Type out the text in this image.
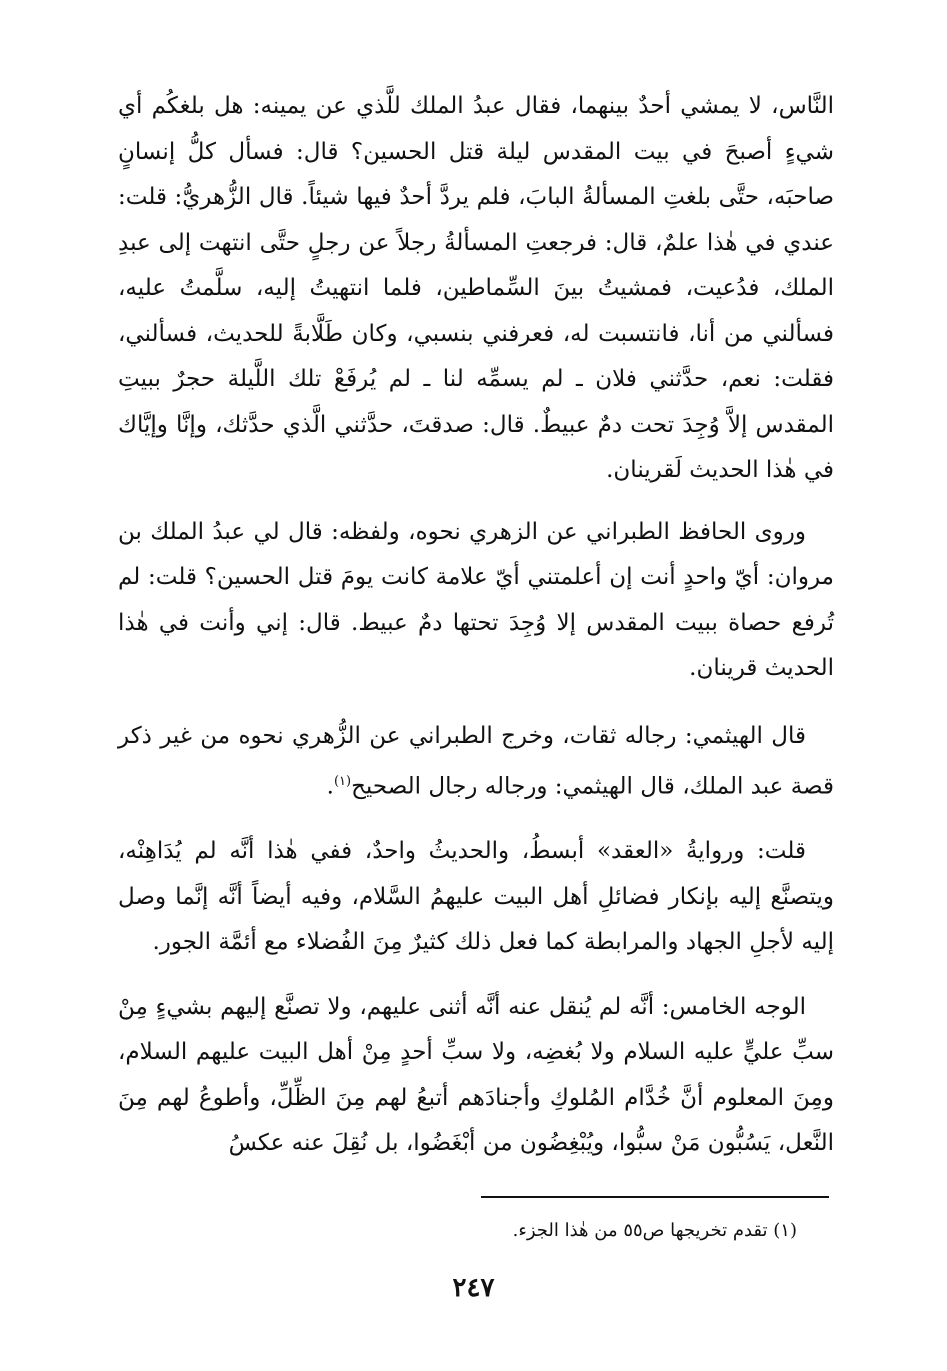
النَّاس، لا يمشي أحدٌ بينهما، فقال عبدُ الملك للَّذي عن يمينه: هل بلغكُم أي شيءٍ أصبحَ في بيت المقدس ليلة قتل الحسين؟ قال: فسأل كلُّ إنسانٍ صاحبَه، حتَّى بلغتِ المسألةُ البابَ، فلم يردَّ أحدٌ فيها شيئاً. قال الزُّهريُّ: قلت: عندي في هٰذا علمٌ، قال: فرجعتِ المسألةُ رجلاً عن رجلٍ حتَّى انتهت إلى عبدِ الملك، فدُعيت، فمشيتُ بينَ السِّماطين، فلما انتهيتُ إليه، سلَّمتُ عليه، فسألني من أنا، فانتسبت له، فعرفني بنسبي، وكان طَلَّابةً للحديث، فسألني، فقلت: نعم، حدَّثني فلان ـ لم يسمِّه لنا ـ لم يُرفَعْ تلك اللَّيلة حجرٌ ببيتِ المقدس إلاَّ وُجِدَ تحت دمٌ عبيطٌ. قال: صدقتَ، حدَّثني الَّذي حدَّثك، وإنَّا وإيَّاك في هٰذا الحديث لَقرينان.

وروى الحافظ الطبراني عن الزهري نحوه، ولفظه: قال لي عبدُ الملك بن مروان: أيّ واحدٍ أنت إن أعلمتني أيّ علامة كانت يومَ قتل الحسين؟ قلت: لم تُرفع حصاة ببيت المقدس إلا وُجِدَ تحتها دمٌ عبيط. قال: إني وأنت في هٰذا الحديث قرينان.

قال الهيثمي: رجاله ثقات، وخرج الطبراني عن الزُّهري نحوه من غير ذكر قصة عبد الملك، قال الهيثمي: ورجاله رجال الصحيح$^{(١)}$.

قلت: وروايةُ «العقد» أبسطُ، والحديثُ واحدٌ، ففي هٰذا أنَّه لم يُدَاهِنْه، ويتصنَّع إليه بإنكار فضائلِ أهل البيت عليهمُ السَّلام، وفيه أيضاً أنَّه إنَّما وصل إليه لأجلِ الجهاد والمرابطة كما فعل ذلك كثيرٌ مِنَ الفُضلاء مع أئمَّة الجور.

الوجه الخامس: أنَّه لم يُنقل عنه أنَّه أثنى عليهم، ولا تصنَّع إليهم بشيءٍ مِنْ سبِّ عليٍّ عليه السلام ولا بُغضِه، ولا سبِّ أحدٍ مِنْ أهل البيت عليهم السلام، ومِنَ المعلوم أنَّ خُدَّام المُلوكِ وأجنادَهم أتبعُ لهم مِنَ الظِّلِّ، وأطوعُ لهم مِنَ النَّعل، يَسُبُّون مَنْ سبُّوا، ويُبْغِضُون من أبْغَضُوا، بل نُقِلَ عنه عكسُ

(١) تقدم تخريجها ص٥٥ من هٰذا الجزء.

٢٤٧
